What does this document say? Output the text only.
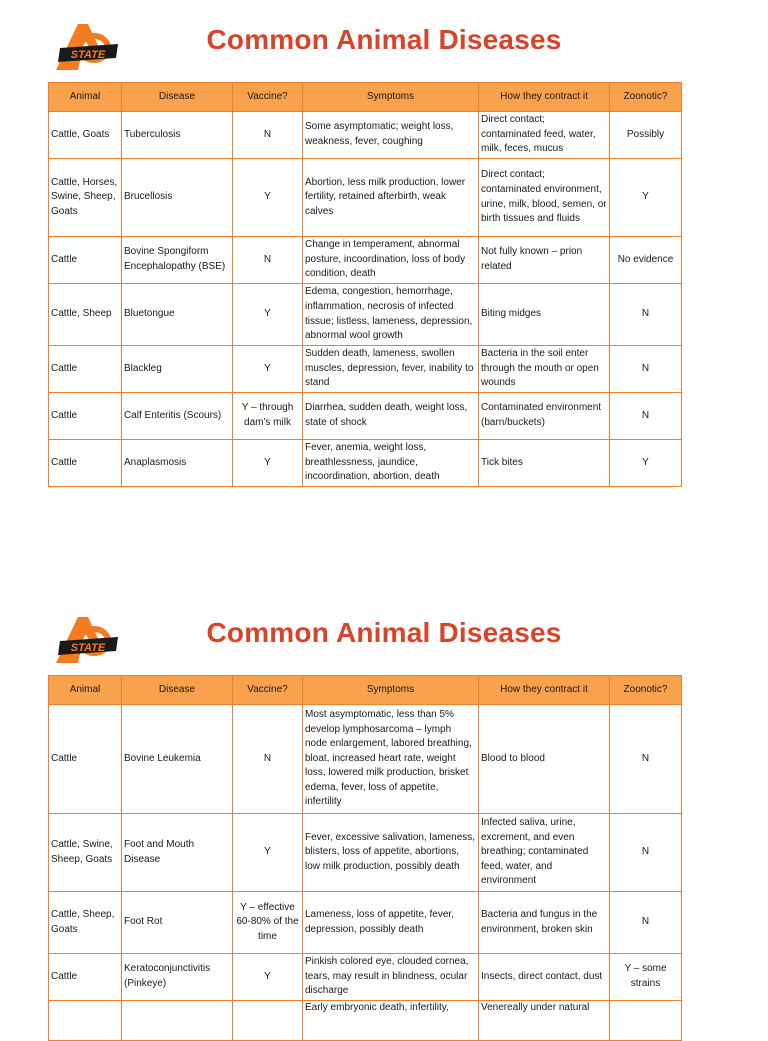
STATE	Common Animal Diseases
Animal	Disease	Vaccine?	Symptoms	How they contract it	Zoonotic?
Cattle, Goats	Tuberculosis	N	Some asymptomatic; weight loss, weakness, fever, coughing	Direct contact; contaminated feed, water, milk, feces, mucus	Possibly
Cattle, Horses, Swine, Sheep, Goats	Brucellosis	Y	Abortion, less milk production, lower fertility, retained afterbirth, weak calves	Direct contact; contaminated environment, urine, milk, blood, semen, or birth tissues and fluids	Y
Cattle	Bovine Spongiform Encephalopathy (BSE)	N	Change in temperament, abnormal posture, incoordination, loss of body condition, death	Not fully known – prion related	No evidence
Cattle, Sheep	Bluetongue	Y	Edema, congestion, hemorrhage, inflammation, necrosis of infected tissue; listless, lameness, depression, abnormal wool growth	Biting midges	N
Cattle	Blackleg	Y	Sudden death, lameness, swollen muscles, depression, fever, inability to stand	Bacteria in the soil enter through the mouth or open wounds	N
Cattle	Calf Enteritis (Scours)	Y – through dam's milk	Diarrhea, sudden death, weight loss, state of shock	Contaminated environment (barn/buckets)	N
Cattle	Anaplasmosis	Y	Fever, anemia, weight loss, breathlessness, jaundice, incoordination, abortion, death	Tick bites	Y
STATE	Common Animal Diseases
Animal	Disease	Vaccine?	Symptoms	How they contract it	Zoonotic?
Cattle	Bovine Leukemia	N	Most asymptomatic, less than 5% develop lymphosarcoma – lymph node enlargement, labored breathing, bloat, increased heart rate, weight loss, lowered milk production, brisket edema, fever, loss of appetite, infertility	Blood to blood	N
Cattle, Swine, Sheep, Goats	Foot and Mouth Disease	Y	Fever, excessive salivation, lameness, blisters, loss of appetite, abortions, low milk production, possibly death	Infected saliva, urine, excrement, and even breathing; contaminated feed, water, and environment	N
Cattle, Sheep, Goats	Foot Rot	Y – effective 60-80% of the time	Lameness, loss of appetite, fever, depression, possibly death	Bacteria and fungus in the environment, broken skin	N
Cattle	Keratoconjunctivitis (Pinkeye)	Y	Pinkish colored eye, clouded cornea, tears, may result in blindness, ocular discharge	Insects, direct contact, dust	Y – some strains
			Early embryonic death, infertility,	Venereally under natural	
